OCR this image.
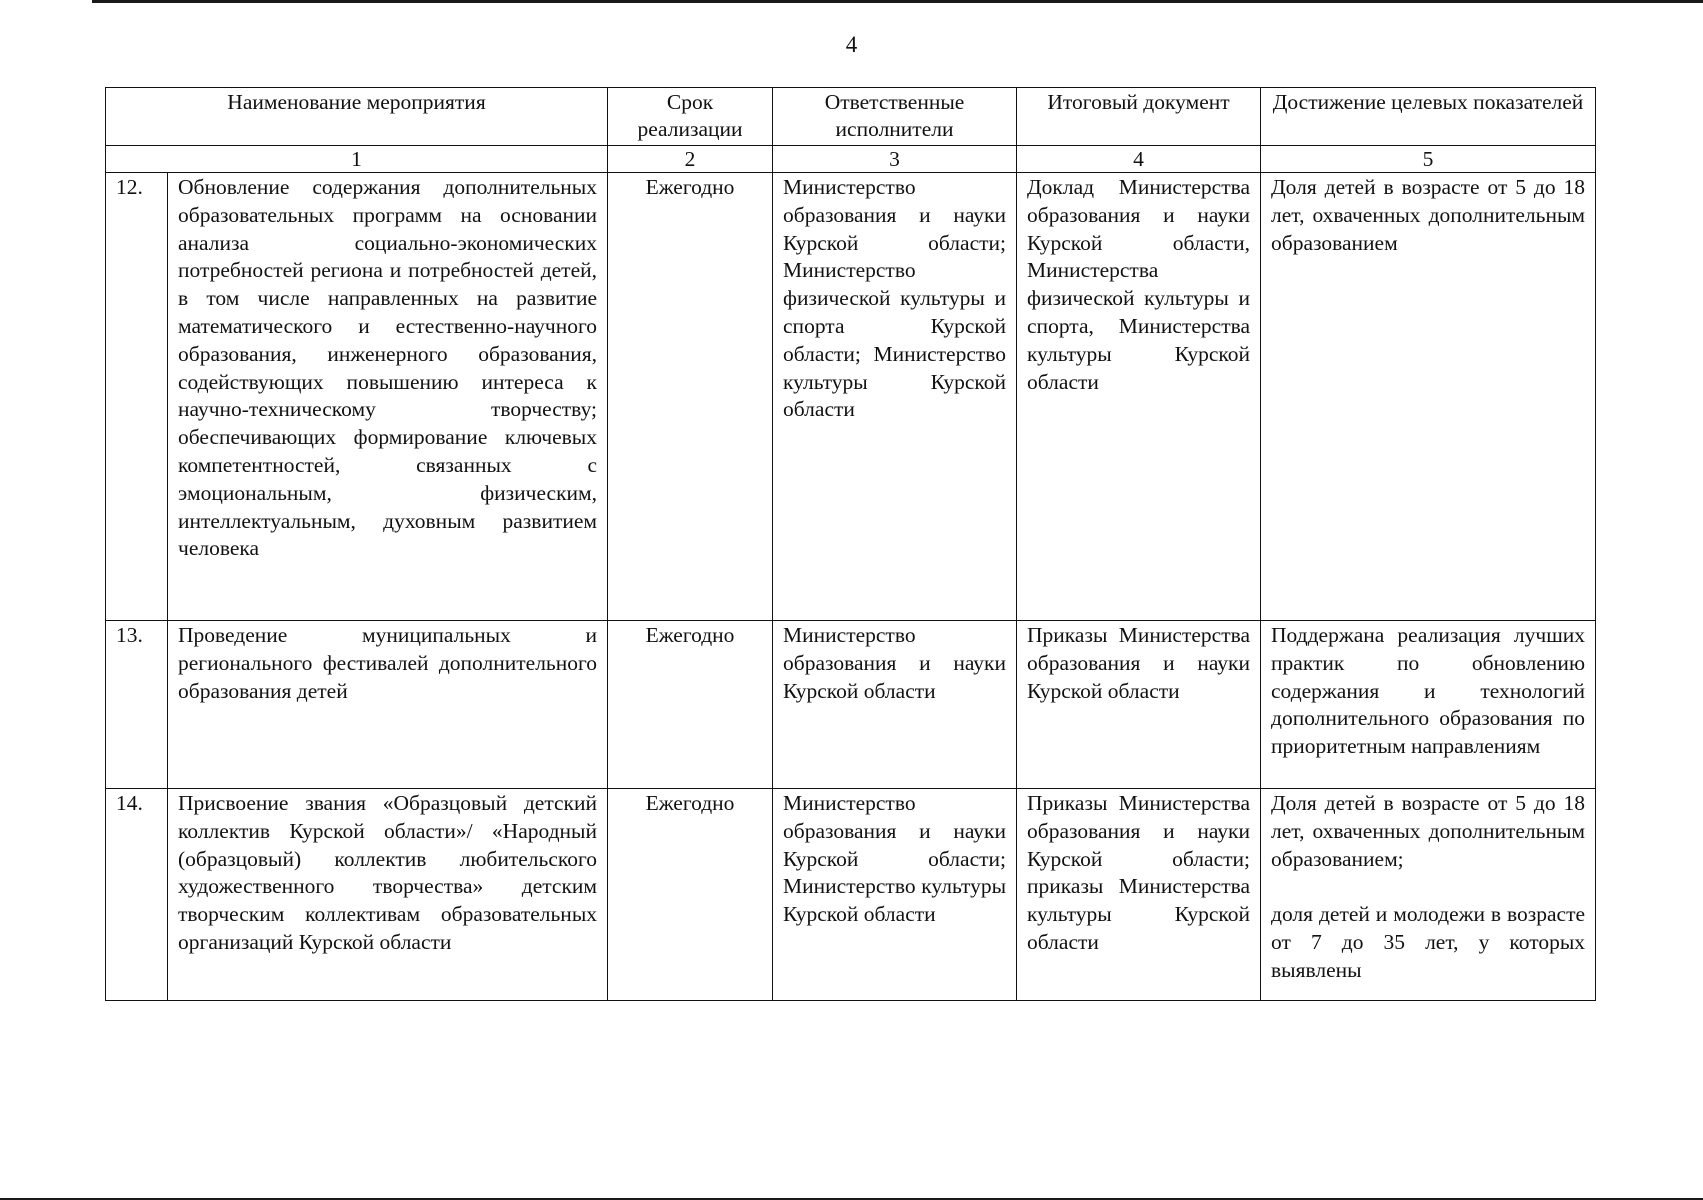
4
Наименование мероприятия		Срок реализации	Ответственные исполнители	Итоговый документ	Достижение целевых показателей
1		2	3	4	5
12.	Обновление содержания дополнительных образовательных программ на основании анализа социально-экономических потребностей региона и потребностей детей, в том числе направленных на развитие математического и естественно-научного образования, инженерного образования, содействующих повышению интереса к научно-техническому творчеству; обеспечивающих формирование ключевых компетентностей, связанных с эмоциональным, физическим, интеллектуальным, духовным развитием человека	Ежегодно	Министерство образования и науки Курской области; Министерство физической культуры и спорта Курской области; Министерство культуры Курской области	Доклад Министерства образования и науки Курской области, Министерства физической культуры и спорта, Министерства культуры Курской области	Доля детей в возрасте от 5 до 18 лет, охваченных дополнительным образованием

13.	Проведение муниципальных и регионального фестивалей дополнительного образования детей	Ежегодно	Министерство образования и науки Курской области	Приказы Министерства образования и науки Курской области	Поддержана реализация лучших практик по обновлению содержания и технологий дополнительного образования по приоритетным направлениям

14.	Присвоение звания «Образцовый детский коллектив Курской области»/ «Народный (образцовый) коллектив любительского художественного творчества» детским творческим коллективам образовательных организаций Курской области	Ежегодно	Министерство образования и науки Курской области; Министерство культуры Курской области	Приказы Министерства образования и науки Курской области; приказы Министерства культуры Курской области	Доля детей в возрасте от 5 до 18 лет, охваченных дополнительным образованием;
доля детей и молодежи в возрасте от 7 до 35 лет, у которых выявлены
